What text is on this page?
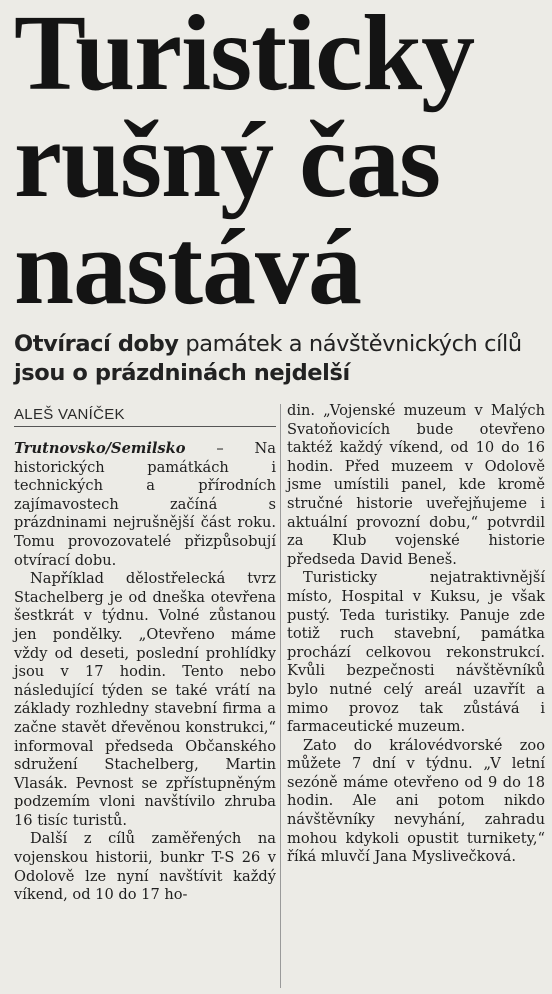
Turisticky
rušný čas
nastává

Otvírací doby památek a návštěvnických cílů jsou o prázdninách nejdelší

ALEŠ VANÍČEK

Trutnovsko/Semilsko – Na historických památkách i technických a přírodních zajímavostech začíná s prázdninami nejrušnější část roku. Tomu provozovatelé přizpůsobují otvírací dobu.

Například dělostřelecká tvrz Stachelberg je od dneška otevřena šestkrát v týdnu. Volné zůstanou jen pondělky. „Otevřeno máme vždy od deseti, poslední prohlídky jsou v 17 hodin. Tento nebo následující týden se také vrátí na základy rozhledny stavební firma a začne stavět dřevěnou konstrukci,“ informoval předseda Občanského sdružení Stachelberg, Martin Vlasák. Pevnost se zpřístupněným podzemím vloni navštívilo zhruba 16 tisíc turistů.

Další z cílů zaměřených na vojenskou historii, bunkr T-S 26 v Odolově lze nyní navštívit každý víkend, od 10 do 17 ho-

din. „Vojenské muzeum v Malých Svatoňovicích bude otevřeno taktéž každý víkend, od 10 do 16 hodin. Před muzeem v Odolově jsme umístili panel, kde kromě stručné historie uveřejňujeme i aktuální provozní dobu,“ potvrdil za Klub vojenské historie předseda David Beneš.

Turisticky nejatraktivnější místo, Hospital v Kuksu, je však pustý. Teda turistiky. Panuje zde totiž ruch stavební, památka prochází celkovou rekonstrukcí. Kvůli bezpečnosti návštěvníků bylo nutné celý areál uzavřít a mimo provoz tak zůstává i farmaceutické muzeum.

Zato do královédvorské zoo můžete 7 dní v týdnu. „V letní sezóně máme otevřeno od 9 do 18 hodin. Ale ani potom nikdo návštěvníky nevyhání, zahradu mohou kdykoli opustit turnikety,“ říká mluvčí Jana Myslivečková.
